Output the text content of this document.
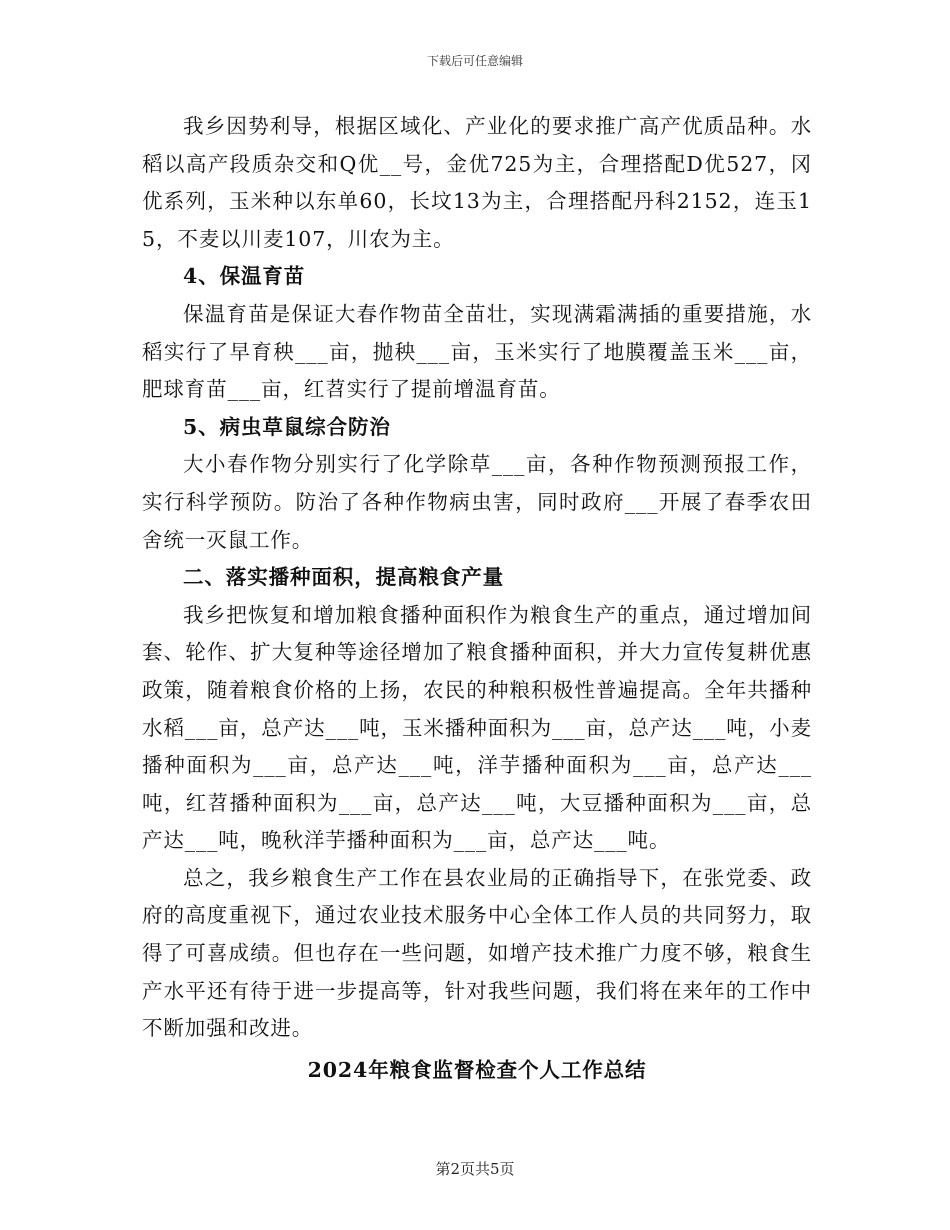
下载后可任意编辑

我乡因势利导，根据区域化、产业化的要求推广高产优质品种。水稻以高产段质杂交和Q优__号，金优725为主，合理搭配D优527，冈优系列，玉米种以东单60，长坟13为主，合理搭配丹科2152，连玉15，不麦以川麦107，川农为主。

4、保温育苗

保温育苗是保证大春作物苗全苗壮，实现满霜满插的重要措施，水稻实行了早育秧___亩，抛秧___亩，玉米实行了地膜覆盖玉米___亩，肥球育苗___亩，红苕实行了提前增温育苗。

5、病虫草鼠综合防治

大小春作物分别实行了化学除草___亩，各种作物预测预报工作，实行科学预防。防治了各种作物病虫害，同时政府___开展了春季农田舍统一灭鼠工作。

二、落实播种面积，提高粮食产量

我乡把恢复和增加粮食播种面积作为粮食生产的重点，通过增加间套、轮作、扩大复种等途径增加了粮食播种面积，并大力宣传复耕优惠政策，随着粮食价格的上扬，农民的种粮积极性普遍提高。全年共播种水稻___亩，总产达___吨，玉米播种面积为___亩，总产达___吨，小麦播种面积为___亩，总产达___吨，洋芋播种面积为___亩，总产达___吨，红苕播种面积为___亩，总产达___吨，大豆播种面积为___亩，总产达___吨，晚秋洋芋播种面积为___亩，总产达___吨。

总之，我乡粮食生产工作在县农业局的正确指导下，在张党委、政府的高度重视下，通过农业技术服务中心全体工作人员的共同努力，取得了可喜成绩。但也存在一些问题，如增产技术推广力度不够，粮食生产水平还有待于进一步提高等，针对我些问题，我们将在来年的工作中不断加强和改进。

2024年粮食监督检查个人工作总结

第2页共5页
